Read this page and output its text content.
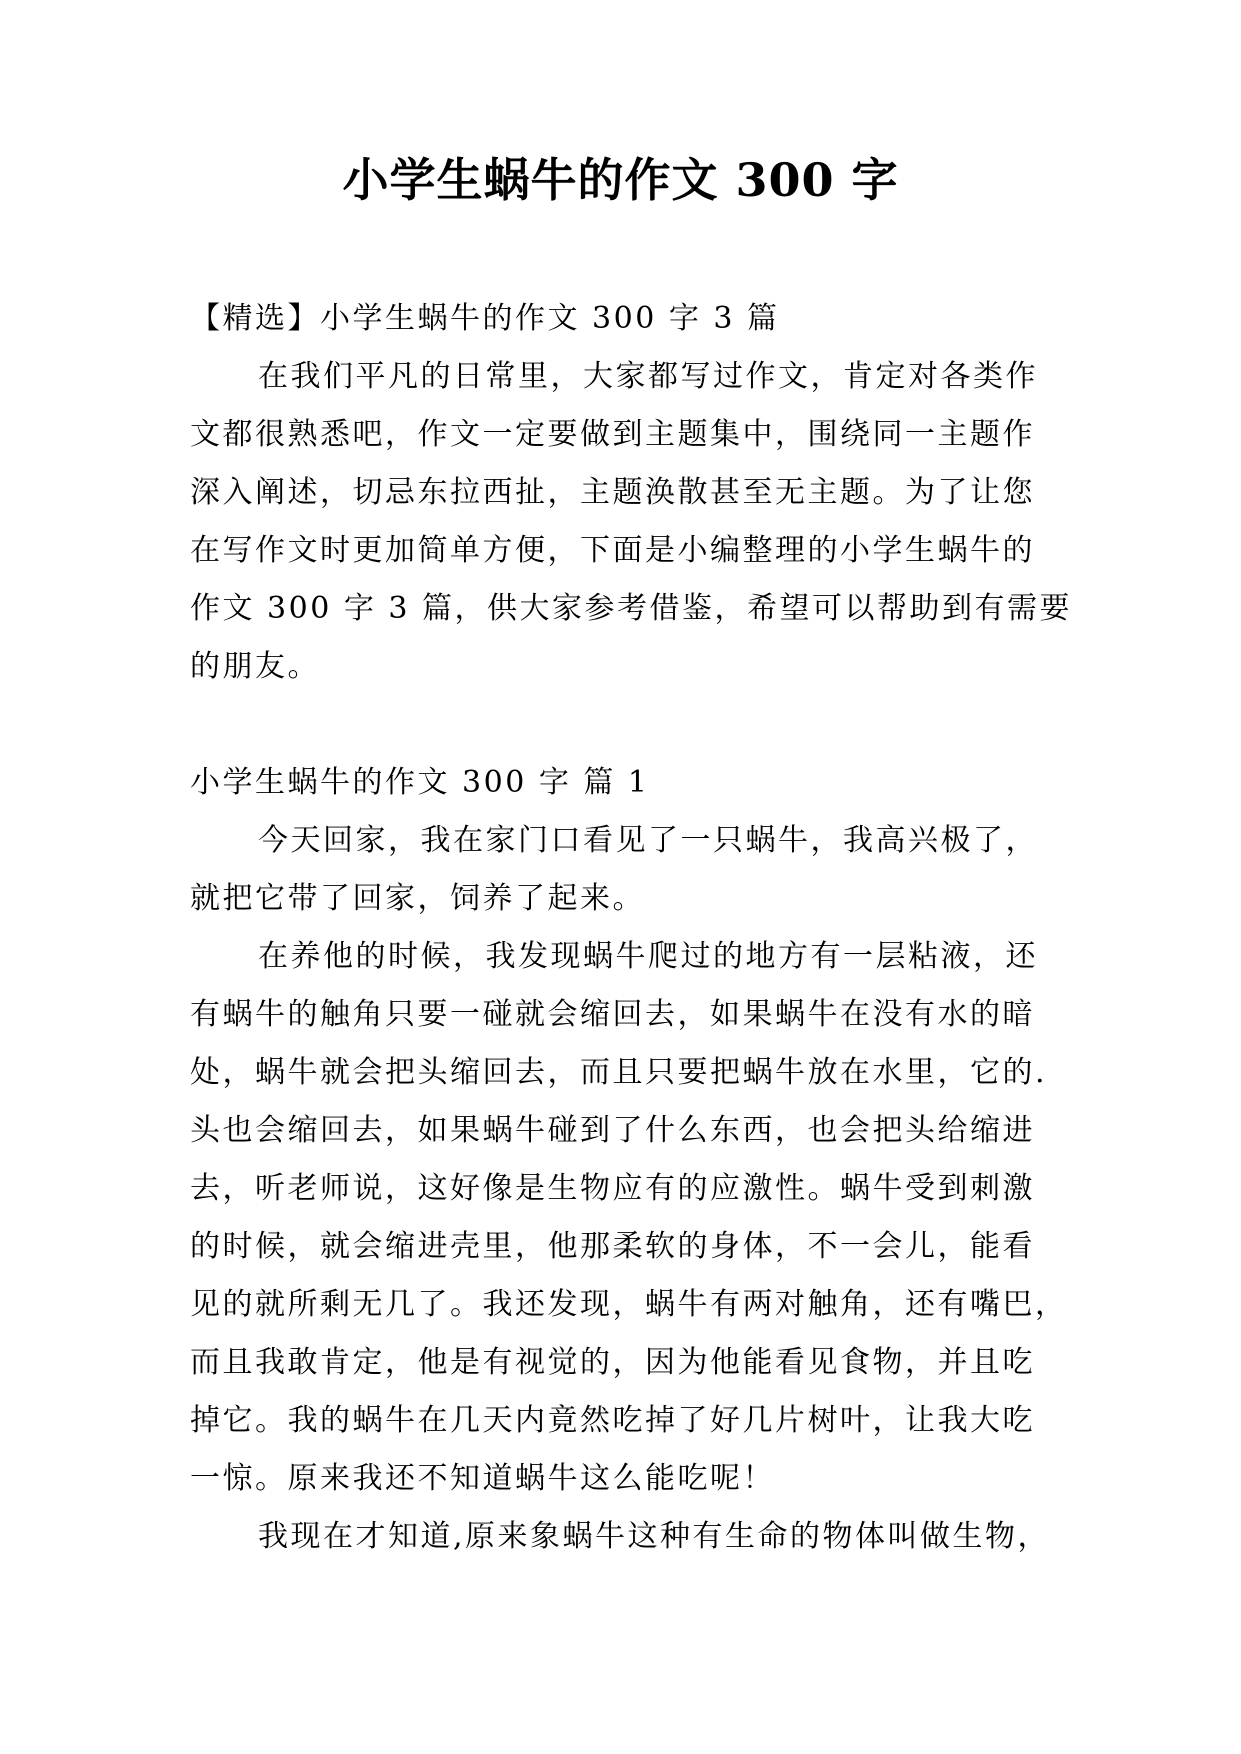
小学生蜗牛的作文 300 字

【精选】小学生蜗牛的作文 300 字 3 篇

在我们平凡的日常里，大家都写过作文，肯定对各类作

文都很熟悉吧，作文一定要做到主题集中，围绕同一主题作

深入阐述，切忌东拉西扯，主题涣散甚至无主题。为了让您

在写作文时更加简单方便，下面是小编整理的小学生蜗牛的

作文 300 字 3 篇，供大家参考借鉴，希望可以帮助到有需要

的朋友。

小学生蜗牛的作文 300 字 篇 1

今天回家，我在家门口看见了一只蜗牛，我高兴极了，

就把它带了回家，饲养了起来。

在养他的时候，我发现蜗牛爬过的地方有一层粘液，还

有蜗牛的触角只要一碰就会缩回去，如果蜗牛在没有水的暗

处，蜗牛就会把头缩回去，而且只要把蜗牛放在水里，它的.

头也会缩回去，如果蜗牛碰到了什么东西，也会把头给缩进

去，听老师说，这好像是生物应有的应激性。蜗牛受到刺激

的时候，就会缩进壳里，他那柔软的身体，不一会儿，能看

见的就所剩无几了。我还发现，蜗牛有两对触角，还有嘴巴，

而且我敢肯定，他是有视觉的，因为他能看见食物，并且吃

掉它。我的蜗牛在几天内竟然吃掉了好几片树叶，让我大吃

一惊。原来我还不知道蜗牛这么能吃呢！

我现在才知道,原来象蜗牛这种有生命的物体叫做生物，
